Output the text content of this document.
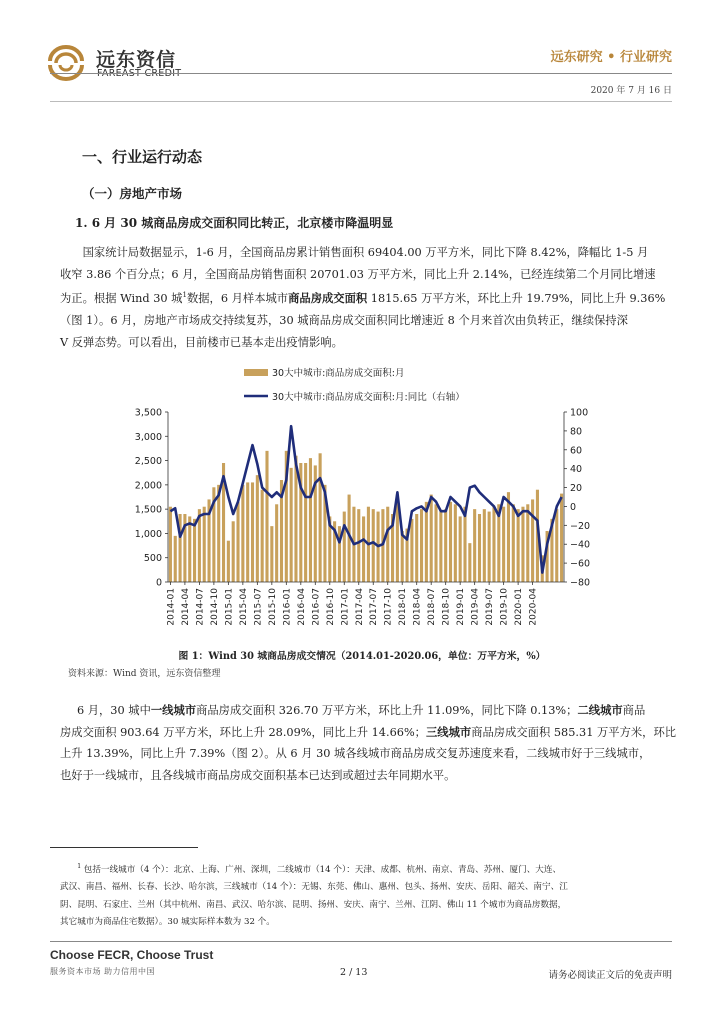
远东资信
FAREAST CREDIT
远东研究 • 行业研究
2020 年 7 月 16 日
一、行业运行动态
（一）房地产市场
1. 6 月 30 城商品房成交面积同比转正，北京楼市降温明显
国家统计局数据显示，1-6 月，全国商品房累计销售面积 69404.00 万平方米，同比下降 8.42%，降幅比 1-5 月
收窄 3.86 个百分点；6 月，全国商品房销售面积 20701.03 万平方米，同比上升 2.14%，已经连续第二个月同比增速
为正。根据 Wind 30 城$^1$数据，6 月样本城市商品房成交面积 1815.65 万平方米，环比上升 19.79%，同比上升 9.36%
（图 1）。6 月，房地产市场成交持续复苏，30 城商品房成交面积同比增速近 8 个月来首次由负转正，继续保持深
V 反弹态势。可以看出，目前楼市已基本走出疫情影响。
30大中城市:商品房成交面积:月
30大中城市:商品房成交面积:月:同比（右轴）
0
500
1,000
1,500
2,000
2,500
3,000
3,500
−80
−60
−40
−20
0
20
40
60
80
100
2014-01 2014-04 2014-07 2014-10 2015-01 2015-04 2015-07 2015-10 2016-01 2016-04 2016-07 2016-10 2017-01 2017-04 2017-07 2017-10 2018-01 2018-04 2018-07 2018-10 2019-01 2019-04 2019-07 2019-10 2020-01 2020-04
图 1：Wind 30 城商品房成交情况（2014.01-2020.06，单位：万平方米，%）
资料来源：Wind 资讯，远东资信整理
6 月，30 城中一线城市商品房成交面积 326.70 万平方米，环比上升 11.09%，同比下降 0.13%；二线城市商品
房成交面积 903.64 万平方米，环比上升 28.09%，同比上升 14.66%；三线城市商品房成交面积 585.31 万平方米，环比
上升 13.39%，同比上升 7.39%（图 2）。从 6 月 30 城各线城市商品房成交复苏速度来看，二线城市好于三线城市，
也好于一线城市，且各线城市商品房成交面积基本已达到或超过去年同期水平。
$^1$ 包括一线城市（4 个）：北京、上海、广州、深圳，二线城市（14 个）：天津、成都、杭州、南京、青岛、苏州、厦门、大连、
武汉、南昌、福州、长春、长沙、哈尔滨，三线城市（14 个）：无锡、东莞、佛山、惠州、包头、扬州、安庆、岳阳、韶关、南宁、江
阴、昆明、石家庄、兰州（其中杭州、南昌、武汉、哈尔滨、昆明、扬州、安庆、南宁、兰州、江阴、佛山 11 个城市为商品房数据，
其它城市为商品住宅数据）。30 城实际样本数为 32 个。
Choose FECR, Choose Trust
服务资本市场 助力信用中国	2 / 13	请务必阅读正文后的免责声明
